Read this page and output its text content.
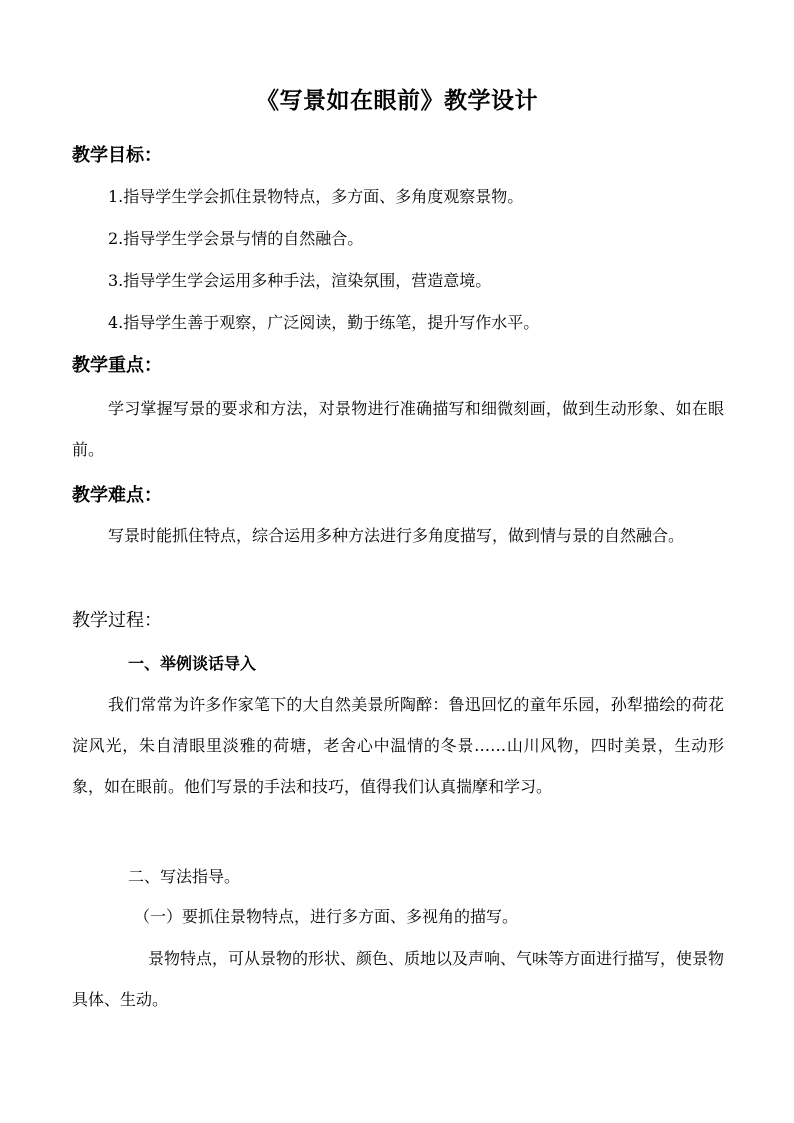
《写景如在眼前》教学设计
教学目标：
1.指导学生学会抓住景物特点，多方面、多角度观察景物。
2.指导学生学会景与情的自然融合。
3.指导学生学会运用多种手法，渲染氛围，营造意境。
4.指导学生善于观察，广泛阅读，勤于练笔，提升写作水平。
教学重点：

学习掌握写景的要求和方法，对景物进行准确描写和细微刻画，做到生动形象、如在眼前。

教学难点：

写景时能抓住特点，综合运用多种方法进行多角度描写，做到情与景的自然融合。

教学过程：
一、举例谈话导入

我们常常为许多作家笔下的大自然美景所陶醉：鲁迅回忆的童年乐园，孙犁描绘的荷花淀风光，朱自清眼里淡雅的荷塘，老舍心中温情的冬景……山川风物，四时美景，生动形象，如在眼前。他们写景的手法和技巧，值得我们认真揣摩和学习。

二、写法指导。
（一）要抓住景物特点，进行多方面、多视角的描写。

景物特点，可从景物的形状、颜色、质地以及声响、气味等方面进行描写，使景物具体、生动。
